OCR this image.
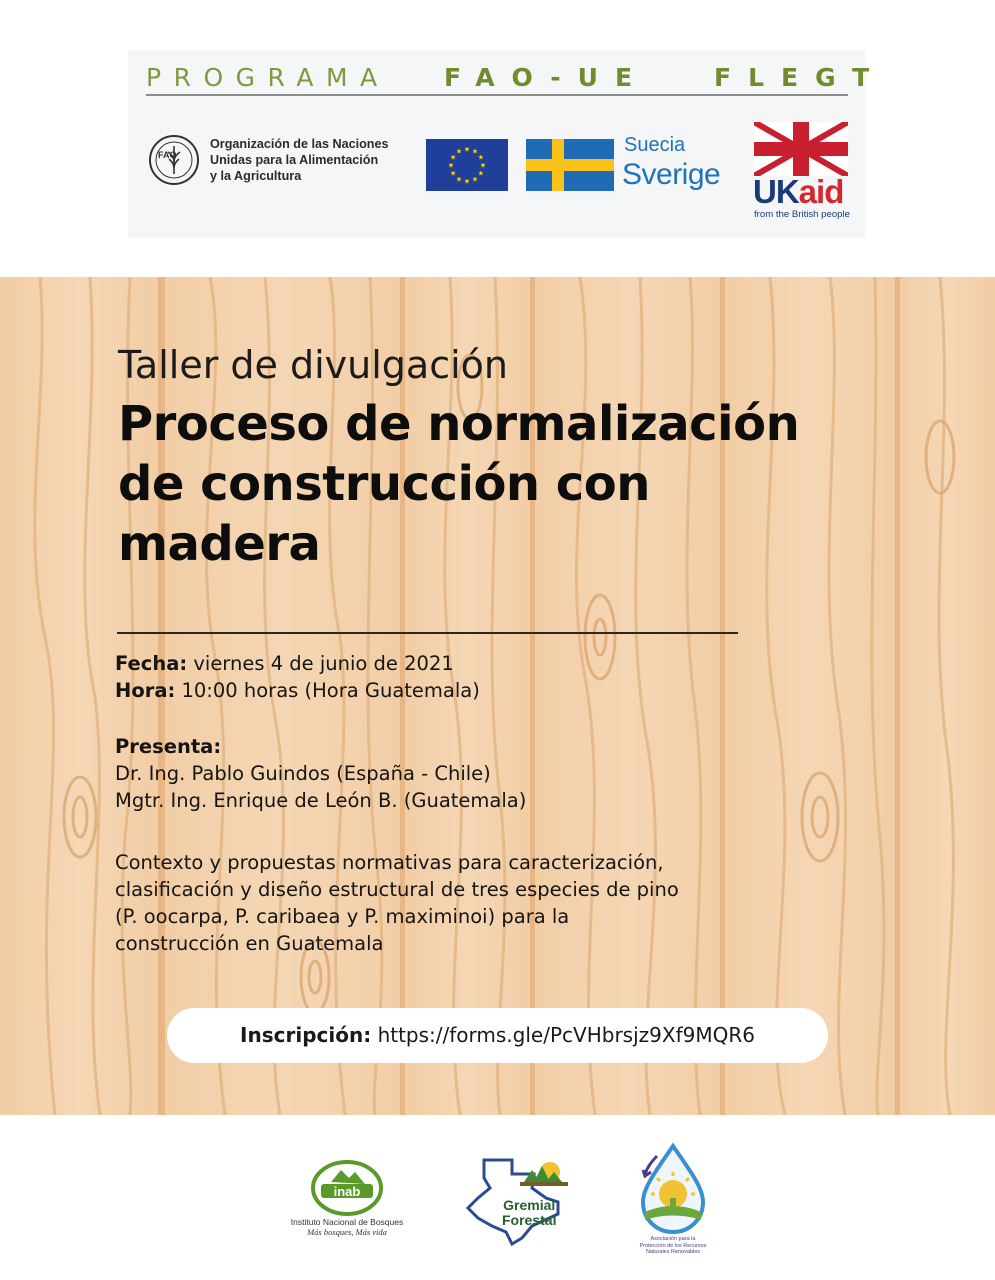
PROGRAMA FAO-UE	FLEGT
FAO
Organización de las Naciones
Unidas para la Alimentación
y la Agricultura
★
★
★
★
★
★
★
★
★ ★ ★
★
Suecia
Sverige UKaid
from the British people
Taller de divulgación
Proceso de normalización
de construcción con
madera
Fecha: viernes 4 de junio de 2021
Hora: 10:00 horas (Hora Guatemala)
Presenta:
Dr. Ing. Pablo Guindos (España - Chile)
Mgtr. Ing. Enrique de León B. (Guatemala)
Contexto y propuestas normativas para caracterización,
clasificación y diseño estructural de tres especies de pino
(P. oocarpa, P. caribaea y P. maximinoi) para la
construcción en Guatemala
Inscripción: https://forms.gle/PcVHbrsjz9Xf9MQR6
inab
Instituto Nacional de Bosques
Más bosques, Más vida
Gremial
Forestal
Asociación para la
Protección de los Recursos
Naturales Renovables
